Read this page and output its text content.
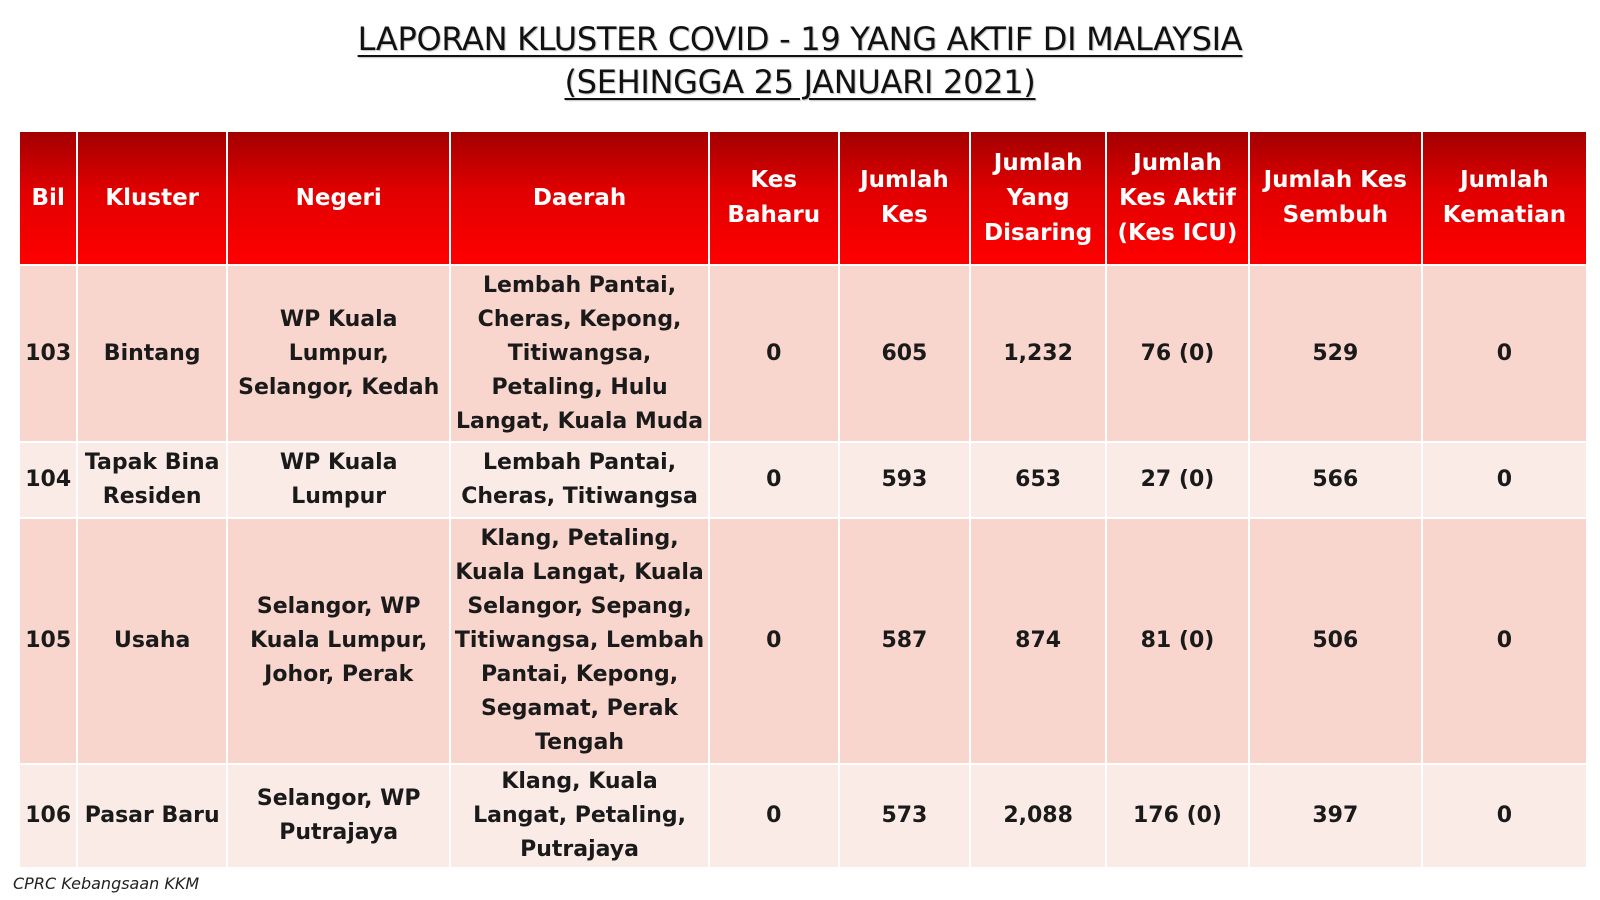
LAPORAN KLUSTER COVID - 19 YANG AKTIF DI MALAYSIA
(SEHINGGA 25 JANUARI 2021)
Bil	Kluster	Negeri	Daerah	Kes Baharu	Jumlah Kes	Jumlah Yang Disaring	Jumlah Kes Aktif (Kes ICU)	Jumlah Kes Sembuh	Jumlah Kematian
103	Bintang	WP Kuala Lumpur, Selangor, Kedah	Lembah Pantai, Cheras, Kepong, Titiwangsa, Petaling, Hulu Langat, Kuala Muda	0	605	1,232	76 (0)	529	0
104	Tapak Bina Residen	WP Kuala Lumpur	Lembah Pantai, Cheras, Titiwangsa	0	593	653	27 (0)	566	0
105	Usaha	Selangor, WP Kuala Lumpur, Johor, Perak	Klang, Petaling, Kuala Langat, Kuala Selangor, Sepang, Titiwangsa, Lembah Pantai, Kepong, Segamat, Perak Tengah	0	587	874	81 (0)	506	0
106	Pasar Baru	Selangor, WP Putrajaya	Klang, Kuala Langat, Petaling, Putrajaya	0	573	2,088	176 (0)	397	0
CPRC Kebangsaan KKM
